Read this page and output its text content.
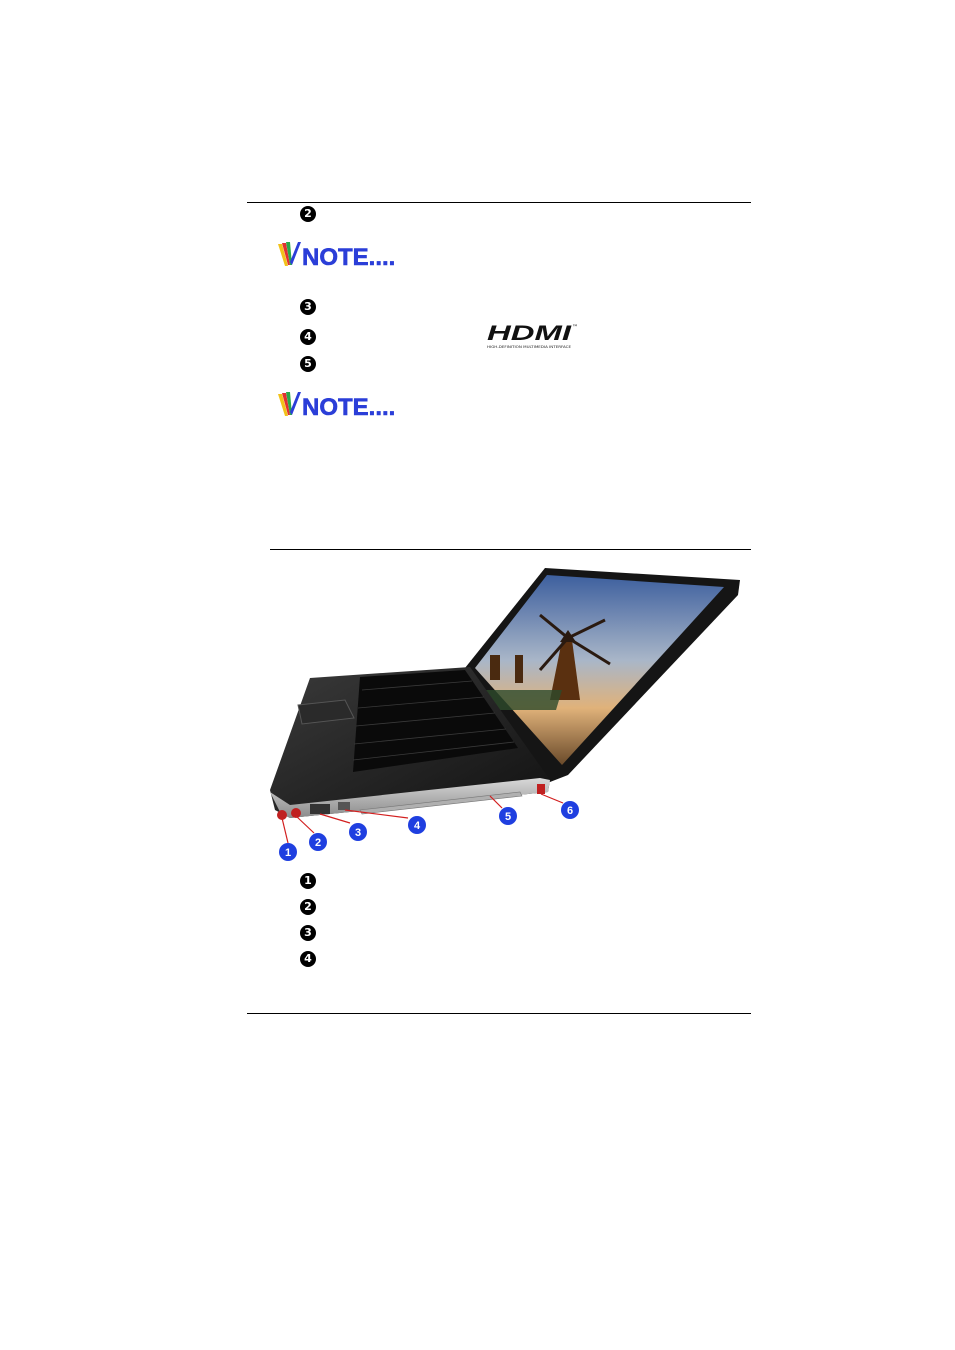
2
NOTE....
3
4
5
HDMI ™
HIGH-DEFINITION MULTIMEDIA INTERFACE
NOTE....
1
2
3
4
5	6
1
2
3
4
